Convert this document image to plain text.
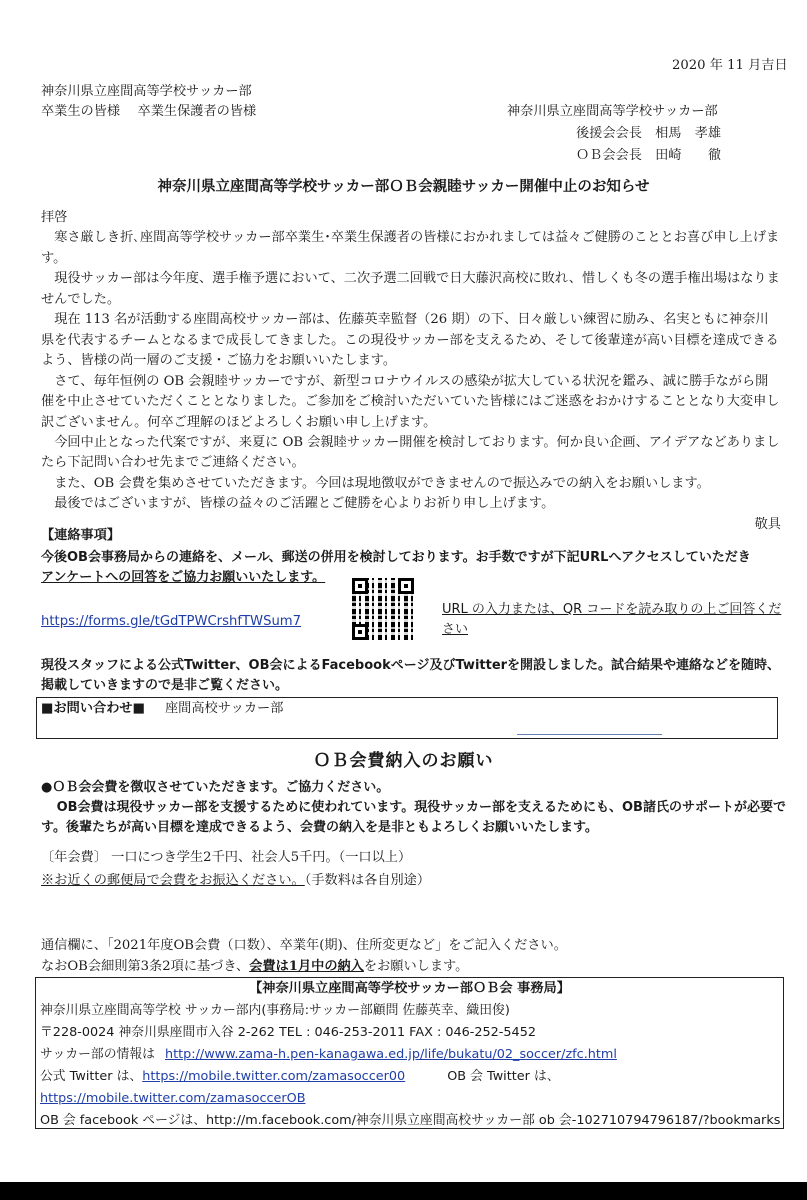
2020 年 11 月吉日
神奈川県立座間高等学校サッカー部
卒業生の皆様　 卒業生保護者の皆様	神奈川県立座間高等学校サッカー部
後援会会長　相馬　孝雄
ＯＢ会会長　田崎　　徹
神奈川県立座間高等学校サッカー部ＯＢ会親睦サッカー開催中止のお知らせ
拝啓
寒さ厳しき折､座間高等学校サッカー部卒業生･卒業生保護者の皆様におかれましては益々ご健勝のこととお喜び申し上げます。
現役サッカー部は今年度、選手権予選において、二次予選二回戦で日大藤沢高校に敗れ、惜しくも冬の選手権出場はなりませんでした。
現在 113 名が活動する座間高校サッカー部は、佐藤英幸監督（26 期）の下、日々厳しい練習に励み、名実ともに神奈川県を代表するチームとなるまで成長してきました。この現役サッカー部を支えるため、そして後輩達が高い目標を達成できるよう、皆様の尚一層のご支援・ご協力をお願いいたします。
さて、毎年恒例の OB 会親睦サッカーですが、新型コロナウイルスの感染が拡大している状況を鑑み、誠に勝手ながら開催を中止させていただくこととなりました。ご参加をご検討いただいていた皆様にはご迷惑をおかけすることとなり大変申し訳ございません。何卒ご理解のほどよろしくお願い申し上げます。
今回中止となった代案ですが、来夏に OB 会親睦サッカー開催を検討しております。何か良い企画、アイデアなどありましたら下記問い合わせ先までご連絡ください。
また、OB 会費を集めさせていただきます。今回は現地徴収ができませんので振込みでの納入をお願いします。
最後ではございますが、皆様の益々のご活躍とご健勝を心よりお祈り申し上げます。
敬具
【連絡事項】
今後OB会事務局からの連絡を、メール、郵送の併用を検討しております。お手数ですが下記URLへアクセスしていただき
アンケートへの回答をご協力お願いいたします。
https://forms.gle/tGdTPWCrshfTWSum7
URL の入力または、QR コードを読み取りの上ご回答ください
現役スタッフによる公式Twitter、OB会によるFacebookページ及びTwitterを開設しました。試合結果や連絡などを随時、掲載していきますので是非ご覧ください。
■お問い合わせ■ 座間高校サッカー部
ＯＢ会費納入のお願い
●ＯＢ会会費を徴収させていただきます。ご協力ください。
OB会費は現役サッカー部を支援するために使われています。現役サッカー部を支えるためにも、OB諸氏のサポートが必要です。後輩たちが高い目標を達成できるよう、会費の納入を是非ともよろしくお願いいたします。
〔年会費〕 一口につき学生2千円、社会人5千円。（一口以上）
※お近くの郵便局で会費をお振込ください。（手数料は各自別途）
通信欄に、「2021年度OB会費（口数）、卒業年(期)、住所変更など」をご記入ください。
なおOB会細則第3条2項に基づき、会費は1月中の納入をお願いします。
【神奈川県立座間高等学校サッカー部ＯＢ会 事務局】
神奈川県立座間高等学校 サッカー部内(事務局:サッカー部顧問 佐藤英幸、織田俊)
〒228-0024 神奈川県座間市入谷 2-262 TEL : 046-253-2011 FAX : 046-252-5452
サッカー部の情報は http://www.zama-h.pen-kanagawa.ed.jp/life/bukatu/02_soccer/zfc.html
公式 Twitter は、https://mobile.twitter.com/zamasoccer00	OB 会 Twitter は、https://mobile.twitter.com/zamasoccerOB
OB 会 facebook ページは、http://m.facebook.com/神奈川県立座間高校サッカー部 ob 会-102710794796187/?bookmarks
